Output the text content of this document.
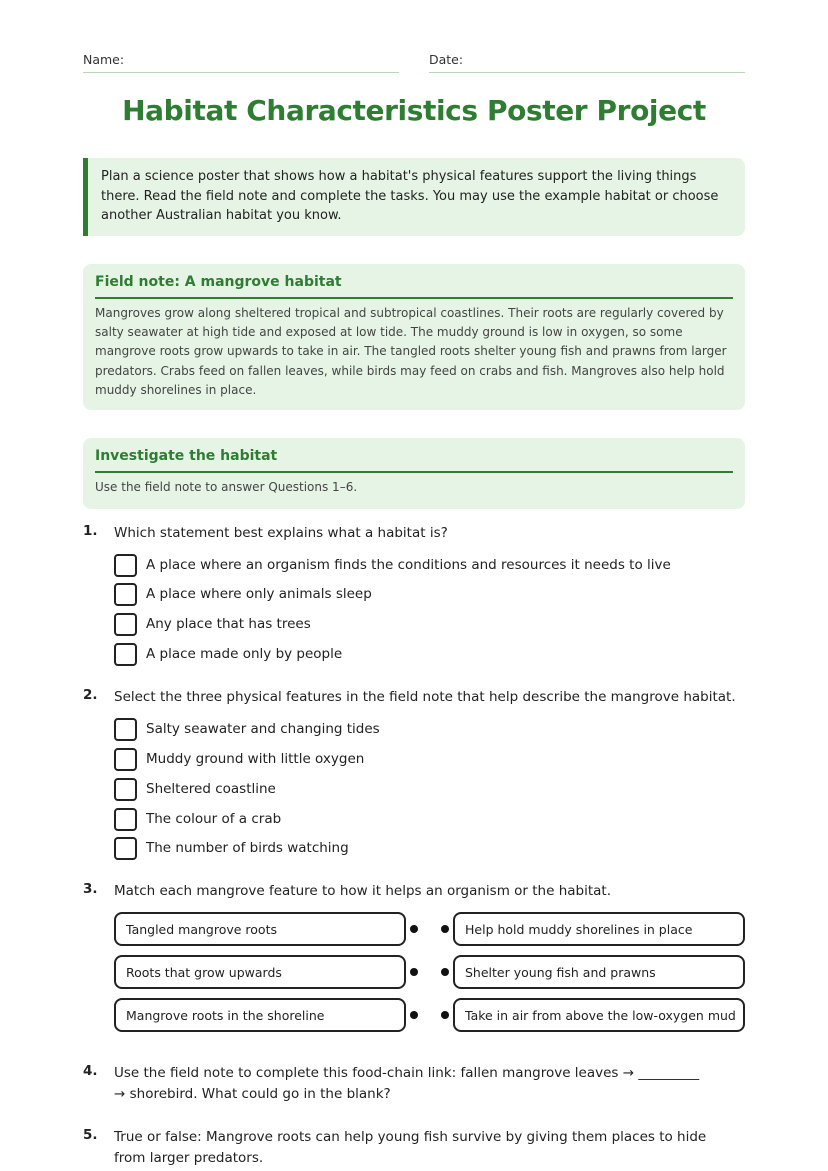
Name:	Date:
Habitat Characteristics Poster Project
Plan a science poster that shows how a habitat's physical features support the living things there. Read the field note and complete the tasks. You may use the example habitat or choose another Australian habitat you know.
Field note: A mangrove habitat
Mangroves grow along sheltered tropical and subtropical coastlines. Their roots are regularly covered by salty seawater at high tide and exposed at low tide. The muddy ground is low in oxygen, so some mangrove roots grow upwards to take in air. The tangled roots shelter young fish and prawns from larger predators. Crabs feed on fallen leaves, while birds may feed on crabs and fish. Mangroves also help hold muddy shorelines in place.
Investigate the habitat
Use the field note to answer Questions 1–6.
1. Which statement best explains what a habitat is?
A place where an organism finds the conditions and resources it needs to live
A place where only animals sleep
Any place that has trees
A place made only by people
2. Select the three physical features in the field note that help describe the mangrove habitat.
Salty seawater and changing tides
Muddy ground with little oxygen
Sheltered coastline
The colour of a crab
The number of birds watching
3. Match each mangrove feature to how it helps an organism or the habitat.
Tangled mangrove roots	Help hold muddy shorelines in place
Roots that grow upwards	Shelter young fish and prawns
Mangrove roots in the shoreline	Take in air from above the low-oxygen mud
4. Use the field note to complete this food-chain link: fallen mangrove leaves → _________ → shorebird. What could go in the blank?
5. True or false: Mangrove roots can help young fish survive by giving them places to hide from larger predators.
